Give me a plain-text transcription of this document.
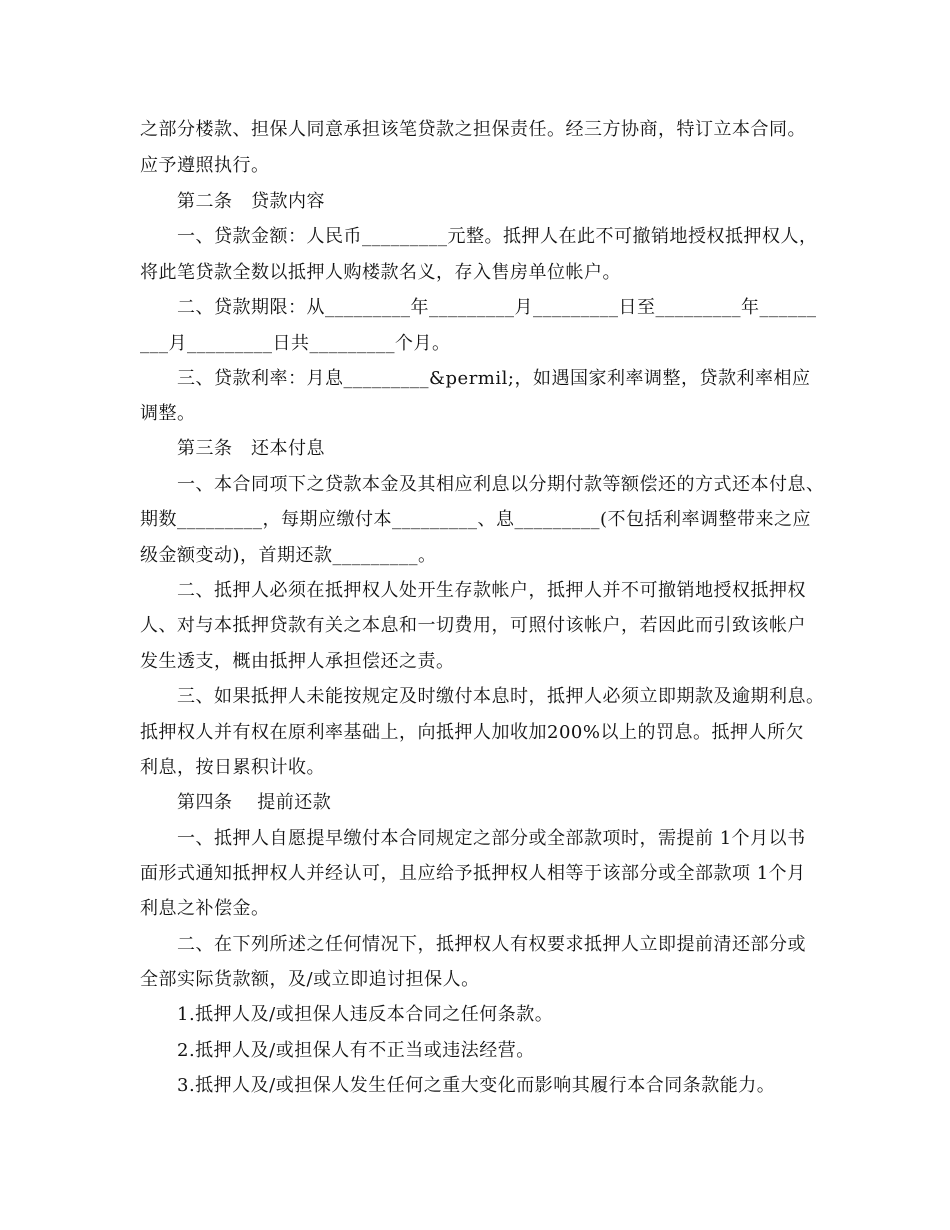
之部分楼款、担保人同意承担该笔贷款之担保责任。经三方协商，特订立本合同。
应予遵照执行。
第二条　贷款内容
一、贷款金额：人民币_________元整。抵押人在此不可撤销地授权抵押权人，
将此笔贷款全数以抵押人购楼款名义，存入售房单位帐户。
二、贷款期限：从_________年_________月_________日至_________年______
___月_________日共_________个月。
三、贷款利率：月息_________&permil;，如遇国家利率调整，贷款利率相应
调整。
第三条　还本付息
一、本合同项下之贷款本金及其相应利息以分期付款等额偿还的方式还本付息、
期数_________，每期应缴付本_________、息_________(不包括利率调整带来之应
级金额变动)，首期还款_________。
二、抵押人必须在抵押权人处开生存款帐户，抵押人并不可撤销地授权抵押权
人、对与本抵押贷款有关之本息和一切费用，可照付该帐户，若因此而引致该帐户
发生透支，概由抵押人承担偿还之责。
三、如果抵押人未能按规定及时缴付本息时，抵押人必须立即期款及逾期利息。
抵押权人并有权在原利率基础上，向抵押人加收加200%以上的罚息。抵押人所欠
利息，按日累积计收。
第四条　 提前还款
一、抵押人自愿提早缴付本合同规定之部分或全部款项时，需提前 1个月以书
面形式通知抵押权人并经认可，且应给予抵押权人相等于该部分或全部款项 1个月
利息之补偿金。
二、在下列所述之任何情况下，抵押权人有权要求抵押人立即提前清还部分或
全部实际货款额，及/或立即追讨担保人。
1.抵押人及/或担保人违反本合同之任何条款。
2.抵押人及/或担保人有不正当或违法经营。
3.抵押人及/或担保人发生任何之重大变化而影响其履行本合同条款能力。
